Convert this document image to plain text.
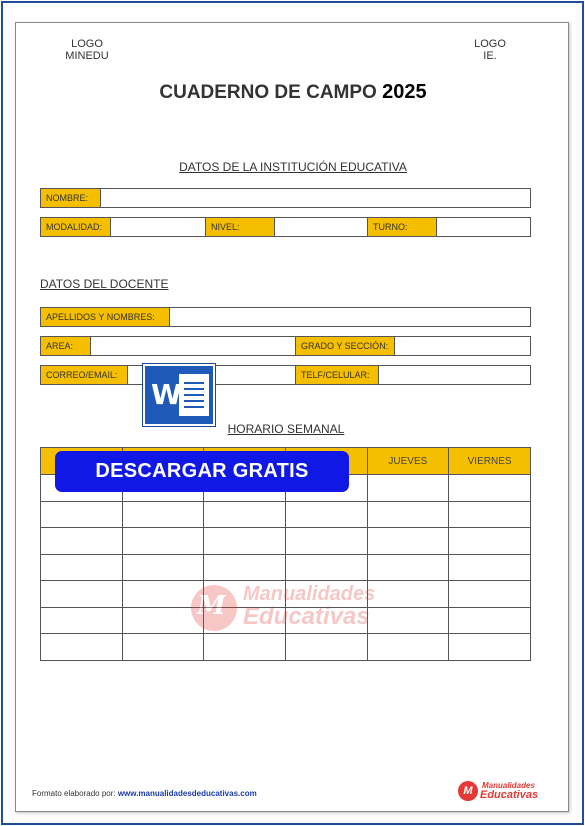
LOGO
MINEDU
LOGO
IE.
CUADERNO DE CAMPO 2025
DATOS DE LA INSTITUCIÓN EDUCATIVA
NOMBRE:
MODALIDAD:	NIVEL:	TURNO:
DATOS DEL DOCENTE
APELLIDOS Y NOMBRES:
AREA:	GRADO Y SECCIÓN:
CORREO/EMAIL:	TELF/CELULAR:
HORARIO SEMANAL
				JUEVES	VIERNES

M Manualidades
Educativas
Formato elaborado por: www.manualidadesdeducativas.com	M	Manualidades
Educativas
W
DESCARGAR GRATIS
